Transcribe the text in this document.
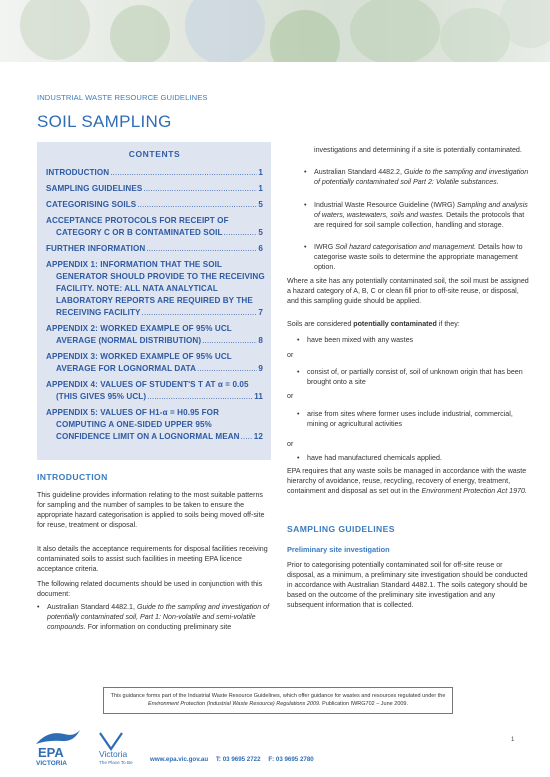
INDUSTRIAL WASTE RESOURCE GUIDELINES
SOIL SAMPLING
CONTENTS
INTRODUCTION .....	1
SAMPLING GUIDELINES .....	1
CATEGORISING SOILS .....	5
ACCEPTANCE PROTOCOLS FOR RECEIPT OF
CATEGORY C OR B CONTAMINATED SOIL .....	5
FURTHER INFORMATION .....	6
APPENDIX 1: INFORMATION THAT THE SOIL
GENERATOR SHOULD PROVIDE TO THE RECEIVING
FACILITY. NOTE: ALL NATA ANALYTICAL
LABORATORY REPORTS ARE REQUIRED BY THE
RECEIVING FACILITY .....	7
APPENDIX 2: WORKED EXAMPLE OF 95% UCL
AVERAGE (NORMAL DISTRIBUTION) .....	8
APPENDIX 3: WORKED EXAMPLE OF 95% UCL
AVERAGE FOR LOGNORMAL DATA .....	9
APPENDIX 4: VALUES OF STUDENT'S T AT α = 0.05
(THIS GIVES 95% UCL) .....	11
APPENDIX 5: VALUES OF H1-α = H0.95 FOR
COMPUTING A ONE-SIDED UPPER 95%
CONFIDENCE LIMIT ON A LOGNORMAL MEAN ..... 12
INTRODUCTION
This guideline provides information relating to the most suitable patterns for sampling and the number of samples to be taken to ensure the appropriate hazard categorisation is applied to soils being moved off-site for reuse, treatment or disposal.
It also details the acceptance requirements for disposal facilities receiving contaminated soils to assist such facilities in meeting EPA licence acceptance criteria.
The following related documents should be used in conjunction with this document:
• Australian Standard 4482.1, Guide to the sampling and investigation of potentially contaminated soil, Part 1: Non-volatile and semi-volatile compounds. For information on conducting preliminary site
investigations and determining if a site is potentially contaminated.
• Australian Standard 4482.2, Guide to the sampling and investigation of potentially contaminated soil Part 2: Volatile substances.
• Industrial Waste Resource Guideline (IWRG) Sampling and analysis of waters, wastewaters, soils and wastes. Details the protocols that are required for soil sample collection, handling and storage.
• IWRG Soil hazard categorisation and management. Details how to categorise waste soils to determine the appropriate management option.
Where a site has any potentially contaminated soil, the soil must be assigned a hazard category of A, B, C or clean fill prior to off-site reuse, or disposal, and this sampling guide should be applied.
Soils are considered potentially contaminated if they:
• have been mixed with any wastes
or
• consist of, or partially consist of, soil of unknown origin that has been brought onto a site
or
• arise from sites where former uses include industrial, commercial, mining or agricultural activities
or
• have had manufactured chemicals applied.
EPA requires that any waste soils be managed in accordance with the waste hierarchy of avoidance, reuse, recycling, recovery of energy, treatment, containment and disposal as set out in the Environment Protection Act 1970.
SAMPLING GUIDELINES
Preliminary site investigation
Prior to categorising potentially contaminated soil for off-site reuse or disposal, as a minimum, a preliminary site investigation should be conducted in accordance with Australian Standard 4482.1. The soils category should be based on the outcome of the preliminary site investigation and any subsequent information that is collected.
This guidance forms part of the Industrial Waste Resource Guidelines, which offer guidance for wastes and resources regulated under the Environment Protection (Industrial Waste Resource) Regulations 2009. Publication IWRG702 – June 2009.
EPA
VICTORIA
Victoria
The Place To Be	www.epa.vic.gov.au T: 03 9695 2722 F: 03 9695 2780
1
